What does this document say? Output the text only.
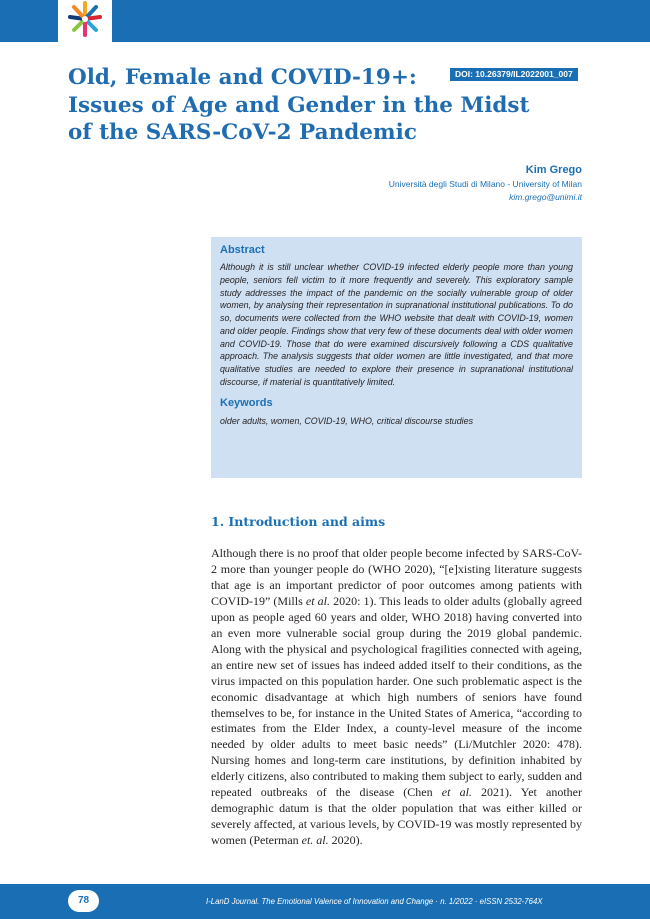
DOI: 10.26379/IL2022001_007
Old, Female and COVID-19+:
Issues of Age and Gender in the Midst
of the SARS-CoV-2 Pandemic
Kim Grego
Università degli Studi di Milano - University of Milan
kim.grego@unimi.it
Abstract

Although it is still unclear whether COVID-19 infected elderly people more than young people, seniors fell victim to it more frequently and severely. This exploratory sample study addresses the impact of the pandemic on the socially vulnerable group of older women, by analysing their representation in supranational institutional publications. To do so, documents were collected from the WHO website that dealt with COVID-19, women and older people. Findings show that very few of these documents deal with older women and COVID-19. Those that do were examined discursively following a CDS qualitative approach. The analysis suggests that older women are little investigated, and that more qualitative studies are needed to explore their presence in supranational institutional discourse, if material is quantitatively limited.

Keywords

older adults, women, COVID-19, WHO, critical discourse studies

1. Introduction and aims

Although there is no proof that older people become infected by SARS-CoV-2 more than younger people do (WHO 2020), “[e]xisting literature suggests that age is an important predictor of poor outcomes among patients with COVID-19” (Mills et al. 2020: 1). This leads to older adults (globally agreed upon as people aged 60 years and older, WHO 2018) having converted into an even more vulnerable social group during the 2019 global pandemic. Along with the physical and psychological fragilities connected with ageing, an entire new set of issues has indeed added itself to their conditions, as the virus impacted on this population harder. One such problematic aspect is the economic disadvantage at which high numbers of seniors have found themselves to be, for instance in the United States of America, “according to estimates from the Elder Index, a county-level measure of the income needed by older adults to meet basic needs” (Li/Mutchler 2020: 478). Nursing homes and long-term care institutions, by definition inhabited by elderly citizens, also contributed to making them subject to early, sudden and repeated outbreaks of the disease (Chen et al. 2021). Yet another demographic datum is that the older population that was either killed or severely affected, at various levels, by COVID-19 was mostly represented by women (Peterman et. al. 2020).

78	I-LanD Journal. The Emotional Valence of Innovation and Change · n. 1/2022 · eISSN 2532-764X
